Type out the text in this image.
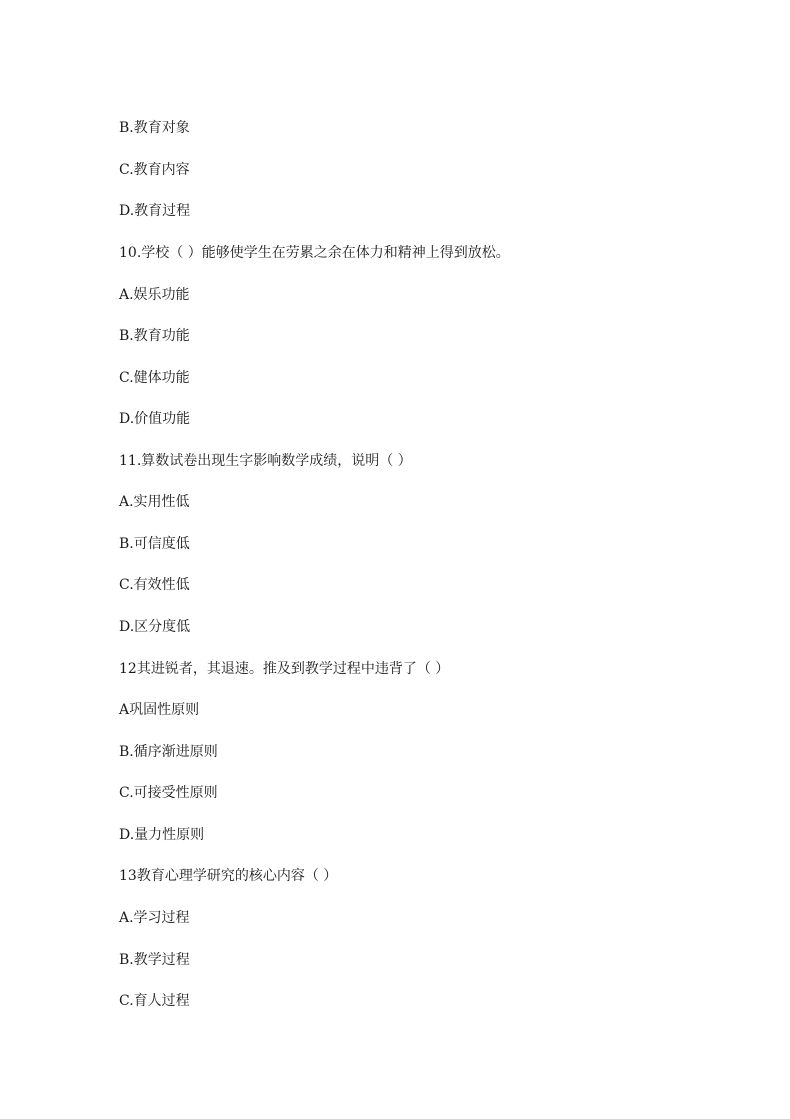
B.教育对象
C.教育内容
D.教育过程
10.学校（ ）能够使学生在劳累之余在体力和精神上得到放松。
A.娱乐功能
B.教育功能
C.健体功能
D.价值功能
11.算数试卷出现生字影响数学成绩，说明（ ）
A.实用性低
B.可信度低
C.有效性低
D.区分度低
12其进锐者，其退速。推及到教学过程中违背了（ ）
A巩固性原则
B.循序渐进原则
C.可接受性原则
D.量力性原则
13教育心理学研究的核心内容（ ）
A.学习过程
B.教学过程
C.育人过程
